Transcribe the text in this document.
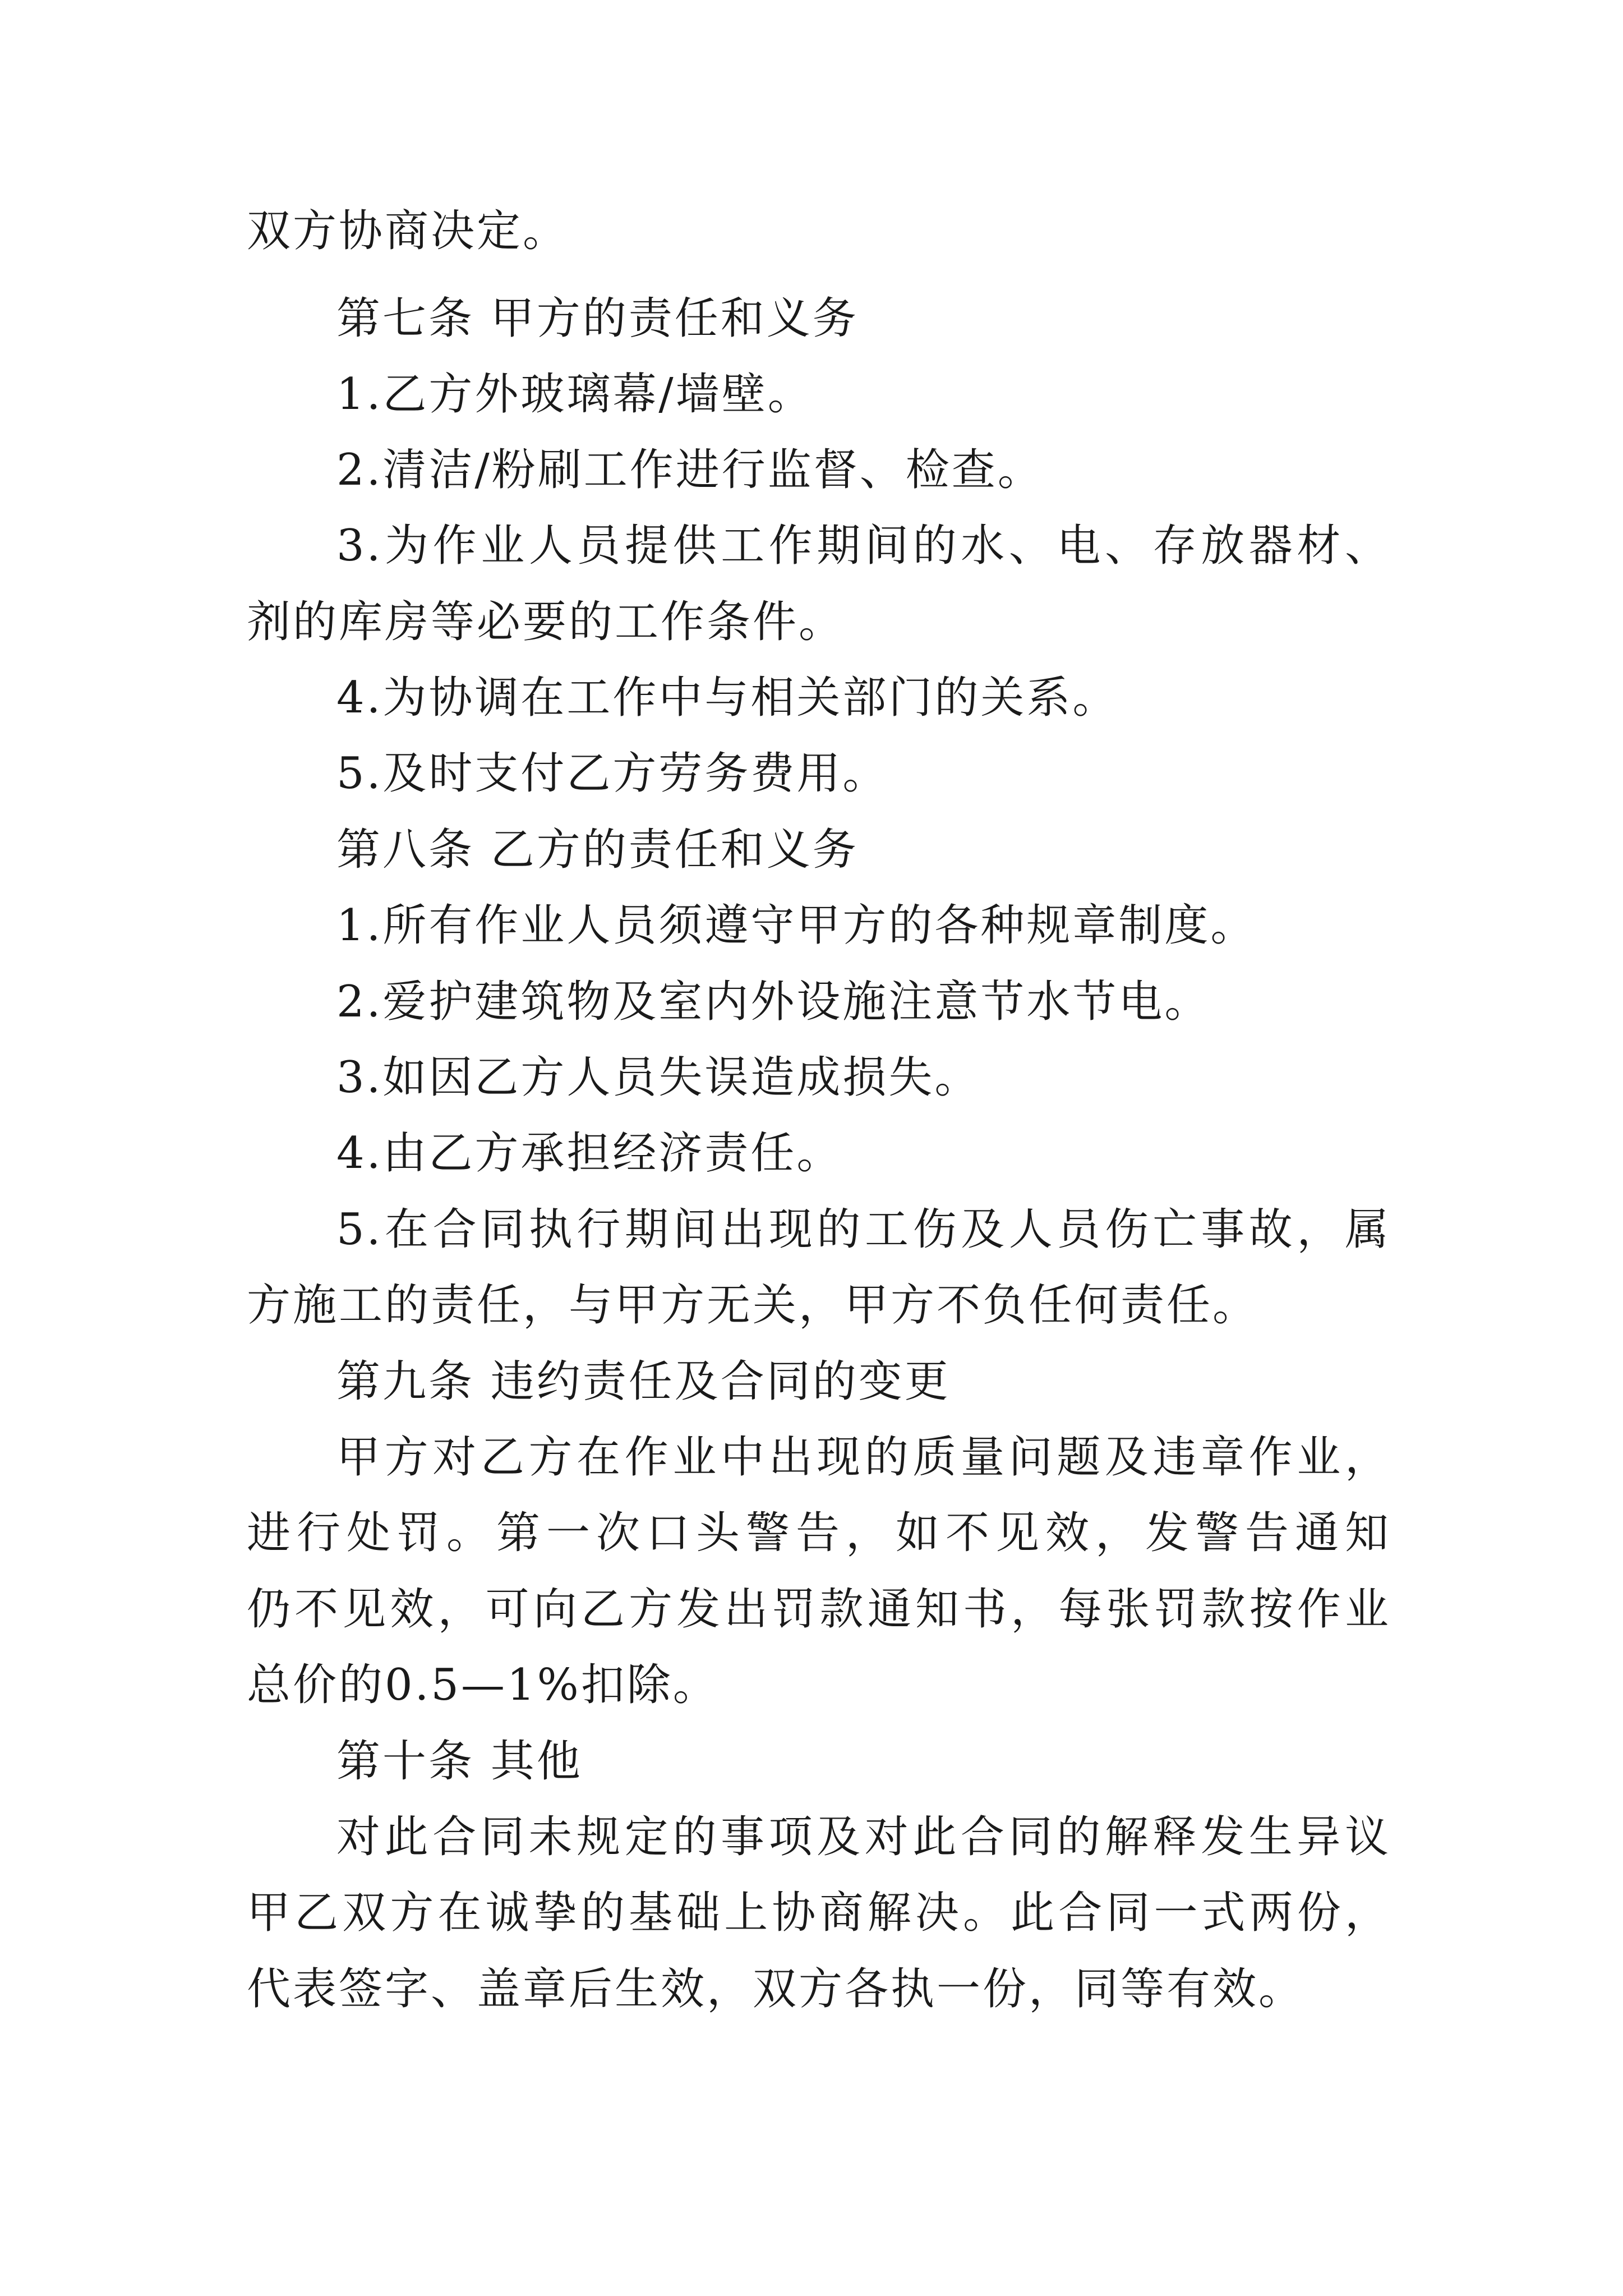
双方协商决定。
第七条 甲方的责任和义务
1.乙方外玻璃幕/墙壁。
2.清洁/粉刷工作进行监督、检查。
3.为作业人员提供工作期间的水、电、存放器材、
剂的库房等必要的工作条件。
4.为协调在工作中与相关部门的关系。
5.及时支付乙方劳务费用。
第八条 乙方的责任和义务
1.所有作业人员须遵守甲方的各种规章制度。
2.爱护建筑物及室内外设施注意节水节电。
3.如因乙方人员失误造成损失。
4.由乙方承担经济责任。
5.在合同执行期间出现的工伤及人员伤亡事故，属
方施工的责任，与甲方无关，甲方不负任何责任。
第九条 违约责任及合同的变更
甲方对乙方在作业中出现的质量问题及违章作业，
进行处罚。第一次口头警告，如不见效，发警告通知
仍不见效，可向乙方发出罚款通知书，每张罚款按作业
总价的0.5—1%扣除。
第十条 其他
对此合同未规定的事项及对此合同的解释发生异议
甲乙双方在诚挚的基础上协商解决。此合同一式两份，
代表签字、盖章后生效，双方各执一份，同等有效。
